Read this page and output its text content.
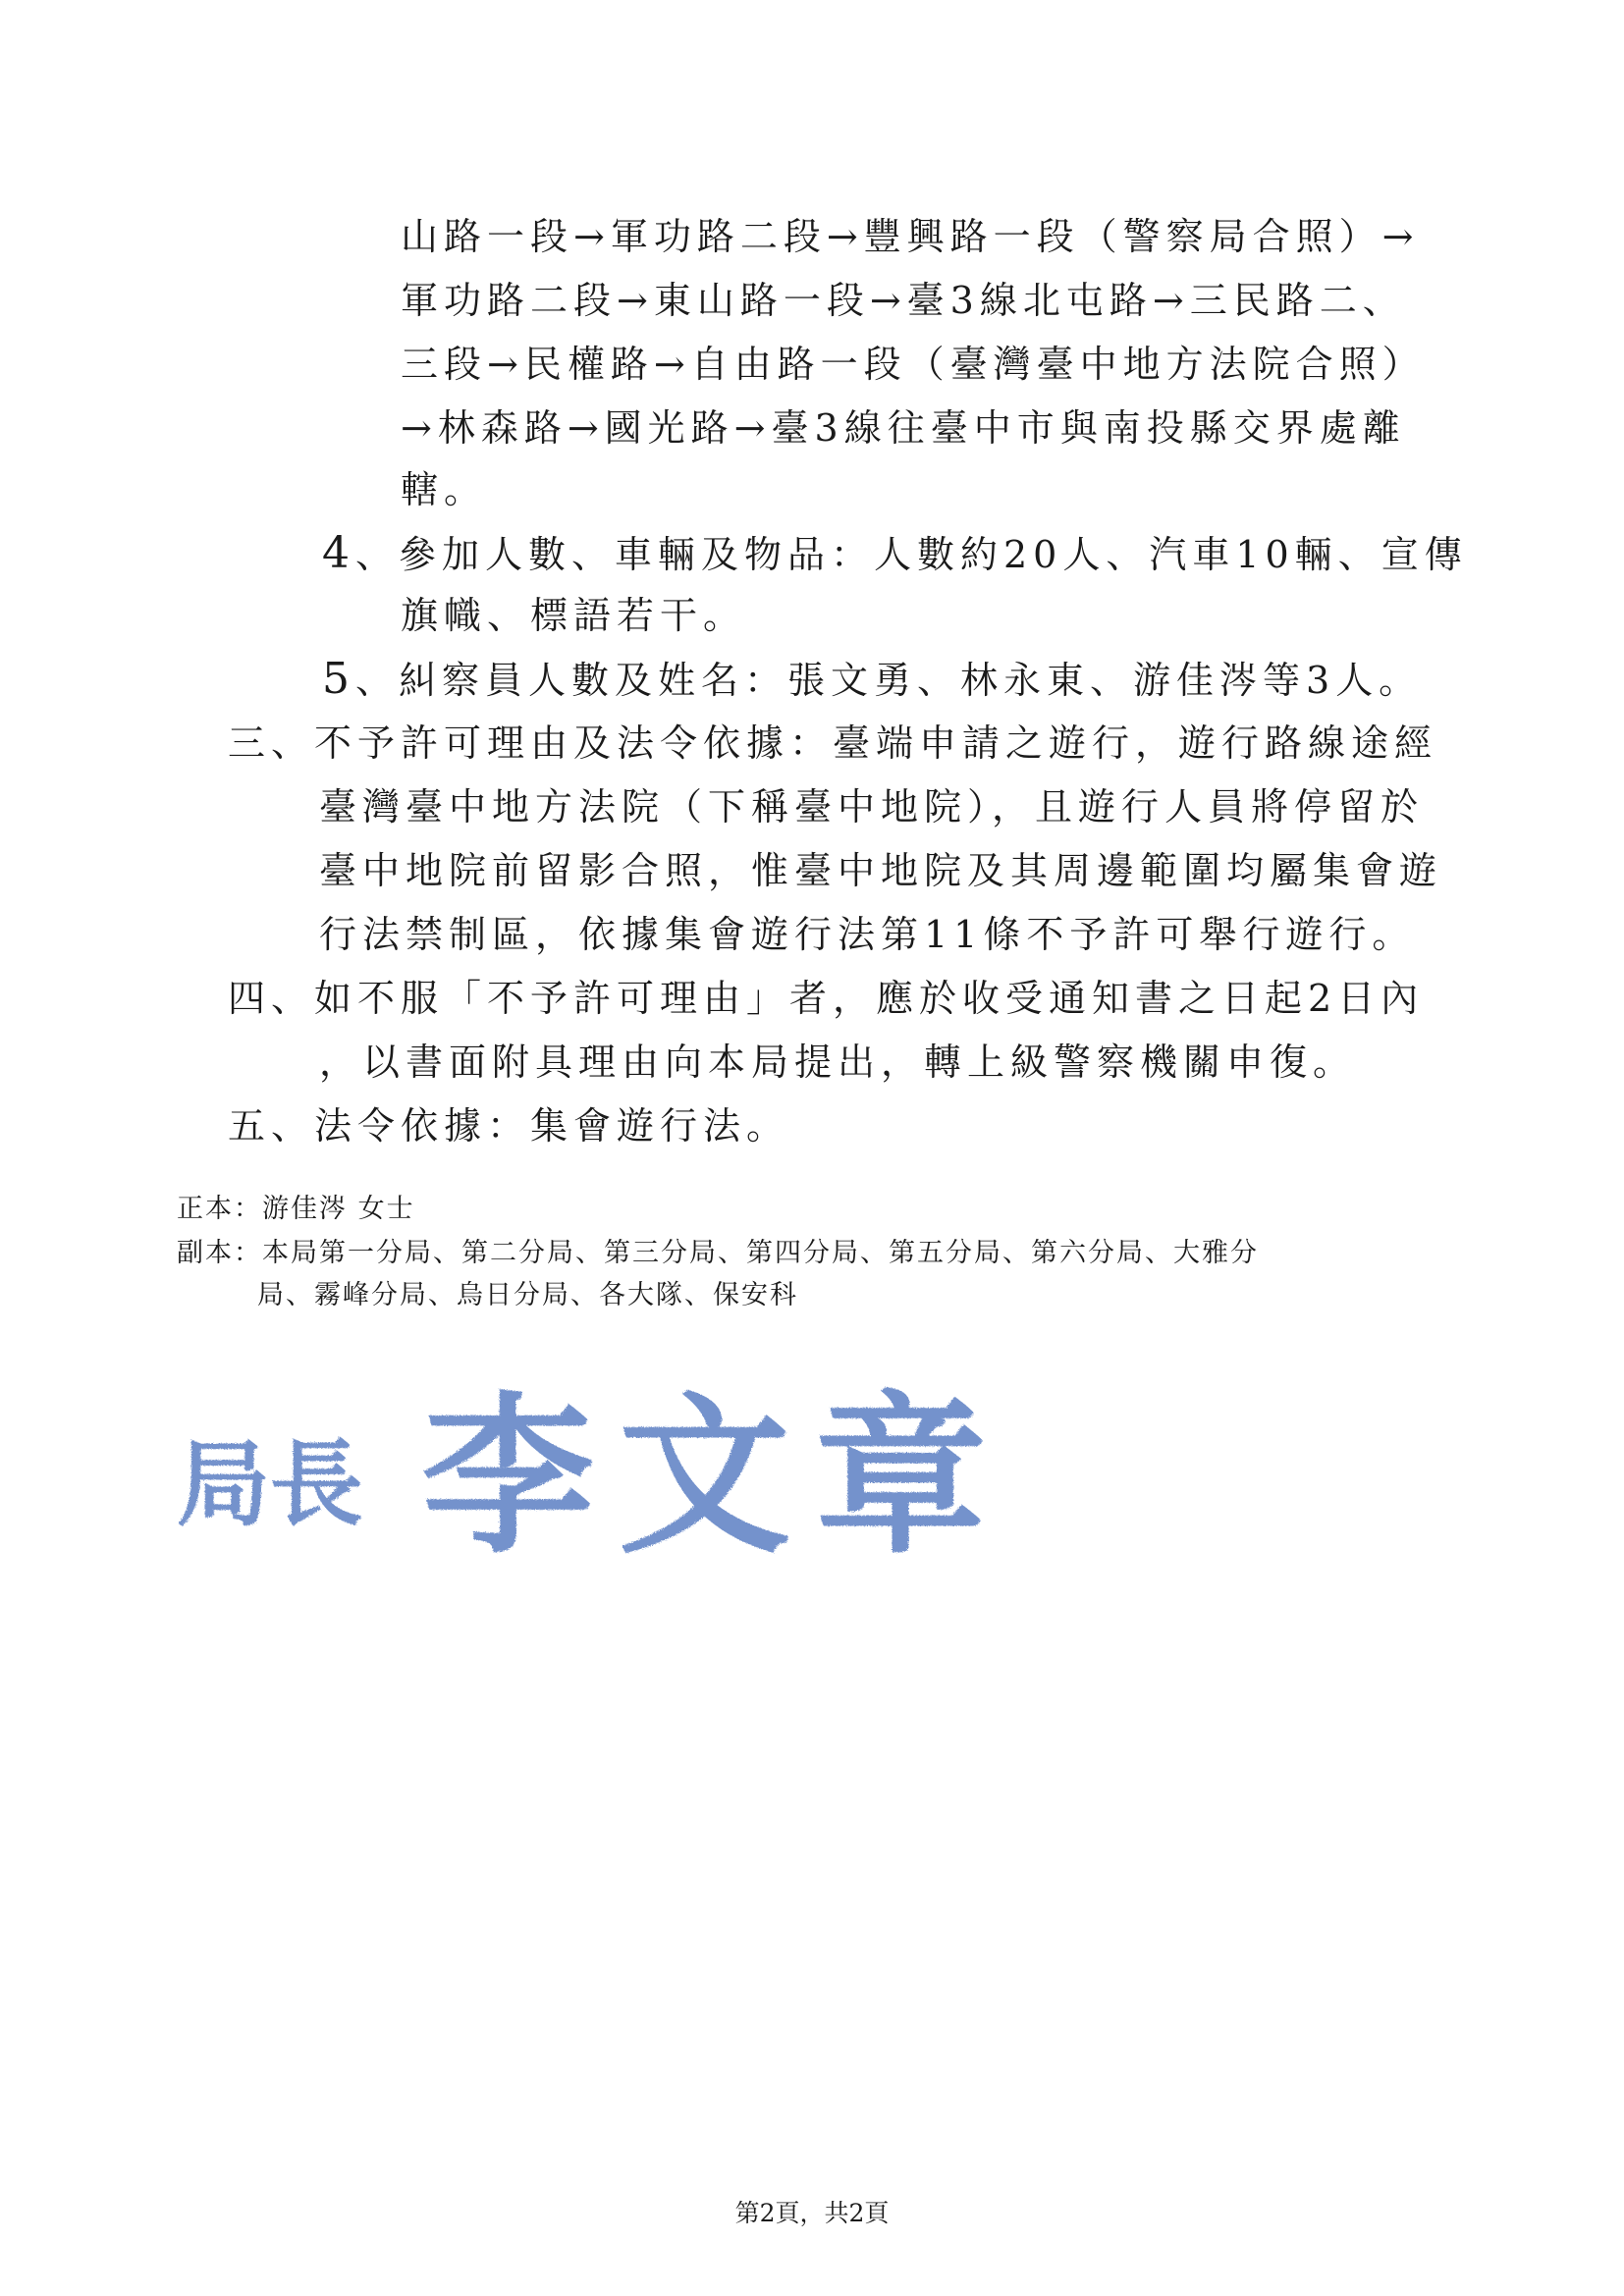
山路一段→軍功路二段→豐興路一段（警察局合照）→
軍功路二段→東山路一段→臺3線北屯路→三民路二、
三段→民權路→自由路一段（臺灣臺中地方法院合照）
→林森路→國光路→臺3線往臺中市與南投縣交界處離
轄。
4、參加人數、車輛及物品：人數約20人、汽車10輛、宣傳
旗幟、標語若干。
5、糾察員人數及姓名：張文勇、林永東、游佳涔等3人。
三、不予許可理由及法令依據：臺端申請之遊行，遊行路線途經
臺灣臺中地方法院（下稱臺中地院），且遊行人員將停留於
臺中地院前留影合照，惟臺中地院及其周邊範圍均屬集會遊
行法禁制區，依據集會遊行法第11條不予許可舉行遊行。
四、如不服「不予許可理由」者，應於收受通知書之日起2日內
，以書面附具理由向本局提出，轉上級警察機關申復。
五、法令依據：集會遊行法。
正本：游佳涔 女士
副本：本局第一分局、第二分局、第三分局、第四分局、第五分局、第六分局、大雅分
局、霧峰分局、烏日分局、各大隊、保安科
局長 李文章
第2頁，共2頁
